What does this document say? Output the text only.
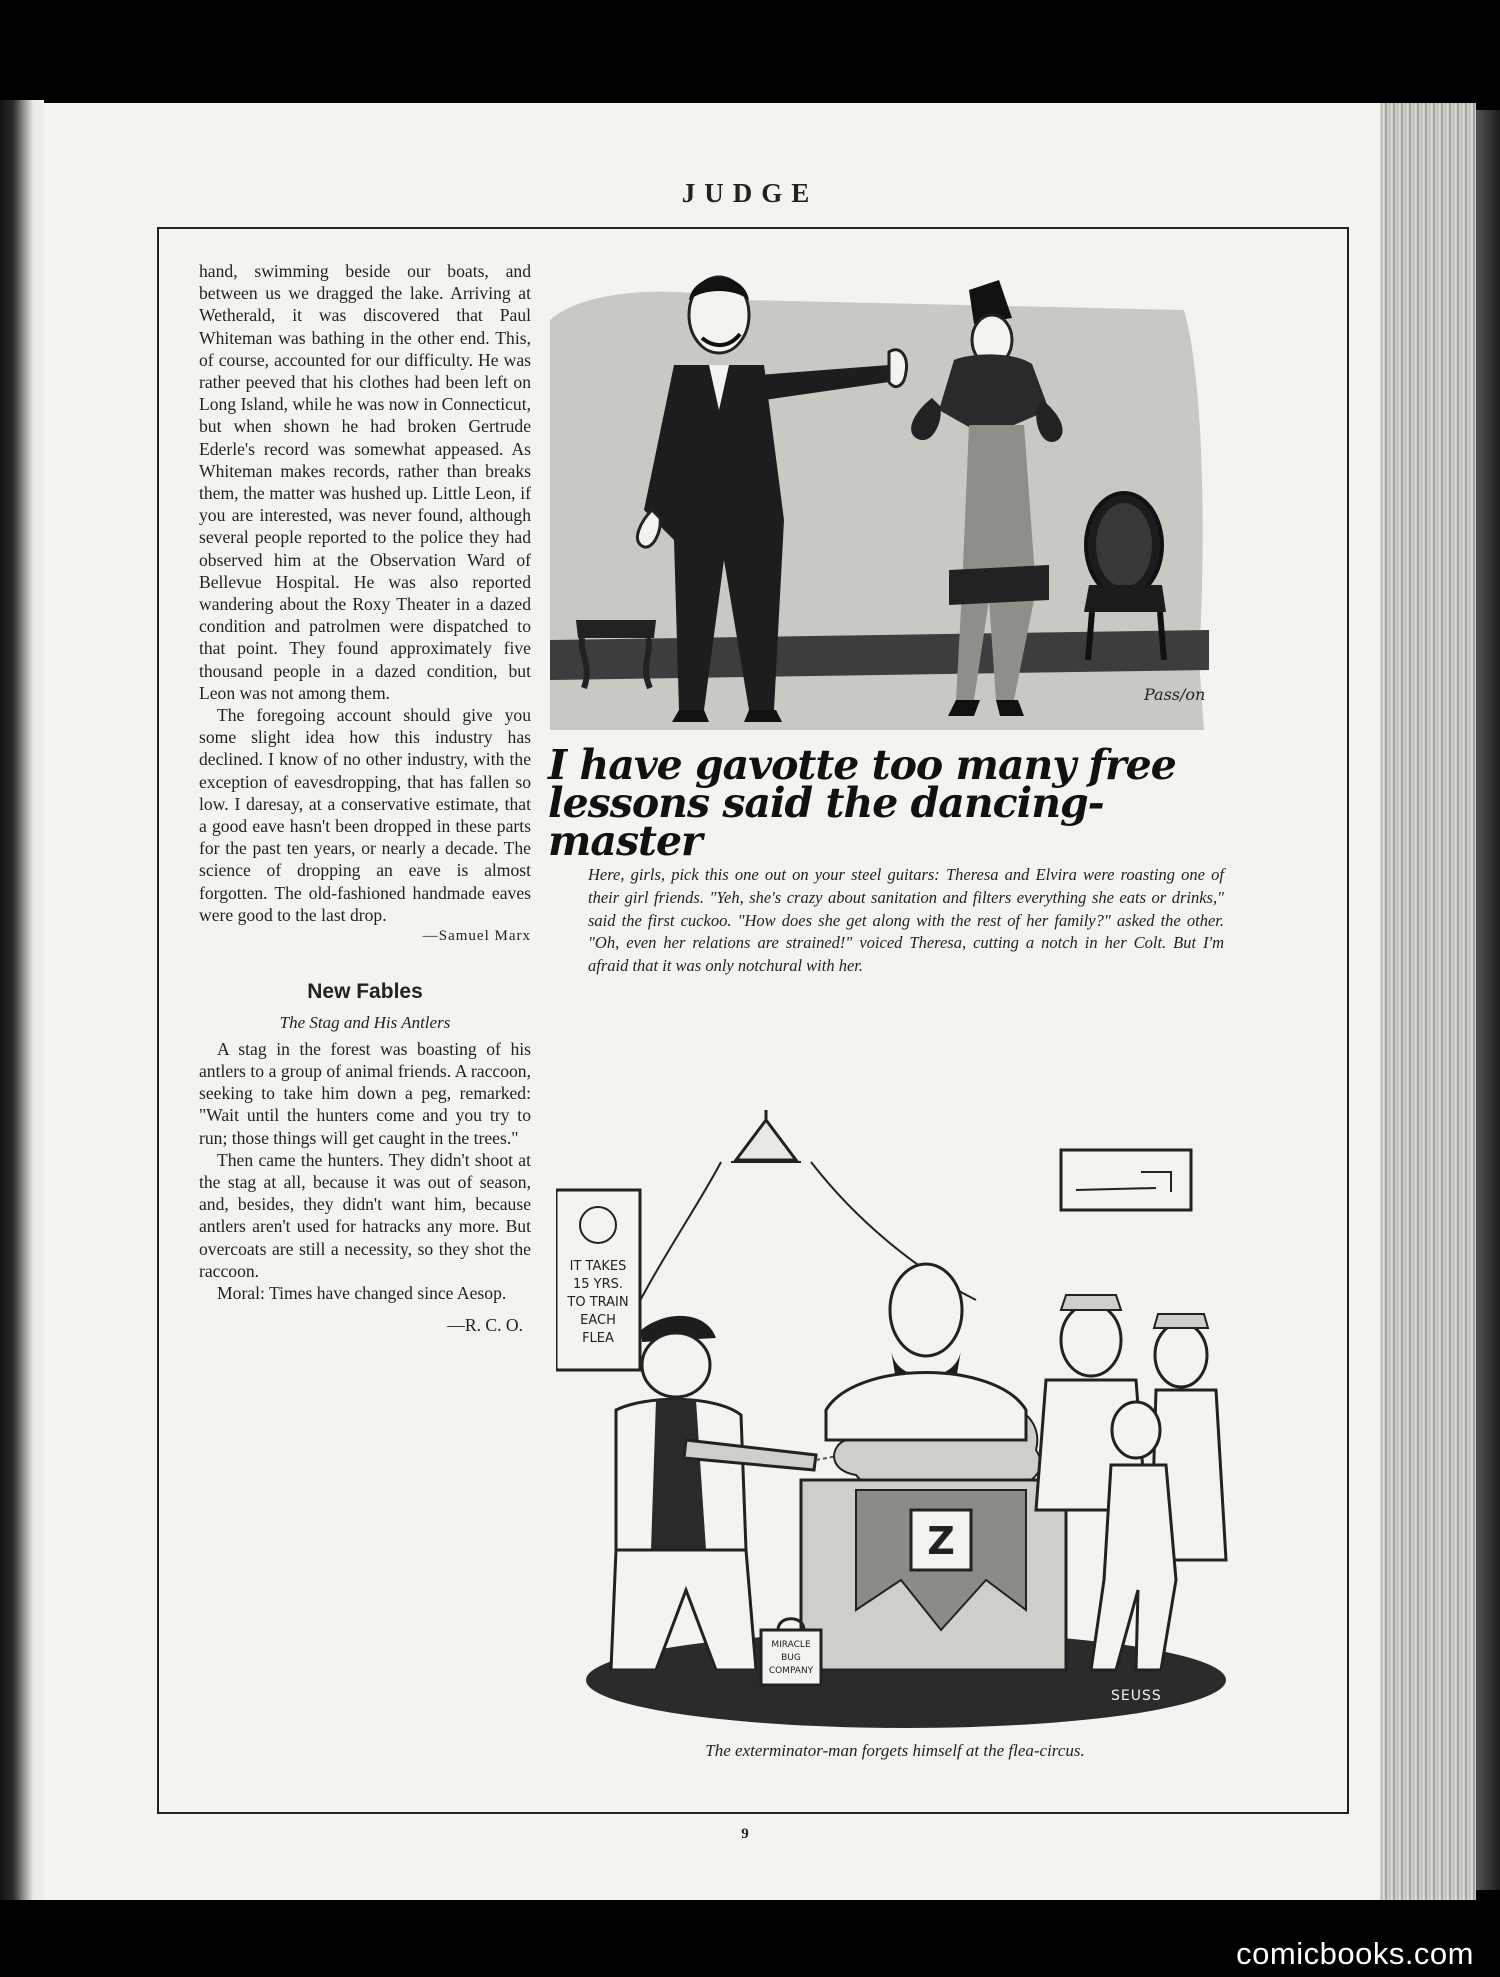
JUDGE

hand, swimming beside our boats, and between us we dragged the lake. Arriving at Wetherald, it was discovered that Paul Whiteman was bathing in the other end. This, of course, accounted for our difficulty. He was rather peeved that his clothes had been left on Long Island, while he was now in Connecticut, but when shown he had broken Gertrude Ederle's record was somewhat appeased. As Whiteman makes records, rather than breaks them, the matter was hushed up. Little Leon, if you are interested, was never found, although several people reported to the police they had observed him at the Observation Ward of Bellevue Hospital. He was also reported wandering about the Roxy Theater in a dazed condition and patrolmen were dispatched to that point. They found approximately five thousand people in a dazed condition, but Leon was not among them.

The foregoing account should give you some slight idea how this industry has declined. I know of no other industry, with the exception of eavesdropping, that has fallen so low. I daresay, at a conservative estimate, that a good eave hasn't been dropped in these parts for the past ten years, or nearly a decade. The science of dropping an eave is almost forgotten. The old-fashioned handmade eaves were good to the last drop.

—Samuel Marx
New Fables
The Stag and His Antlers

A stag in the forest was boasting of his antlers to a group of animal friends. A raccoon, seeking to take him down a peg, remarked: "Wait until the hunters come and you try to run; those things will get caught in the trees."

Then came the hunters. They didn't shoot at the stag at all, because it was out of season, and, besides, they didn't want him, because antlers aren't used for hatracks any more. But overcoats are still a necessity, so they shot the raccoon.

Moral: Times have changed since Aesop.

—R. C. O.
Pass/on
I have gavotte too many free
lessons said the dancing-master
Here, girls, pick this one out on your steel guitars: Theresa and Elvira were roasting one of their girl friends. "Yeh, she's crazy about sanitation and filters everything she eats or drinks," said the first cuckoo. "How does she get along with the rest of her family?" asked the other. "Oh, even her relations are strained!" voiced Theresa, cutting a notch in her Colt. But I'm afraid that it was only notchural with her.
IT TAKES
15 YRS.
TO TRAIN
EACH
FLEA
Z
MIRACLE
BUG
COMPANY
SEUSS
The exterminator-man forgets himself at the flea-circus.
9
comicbooks.com
